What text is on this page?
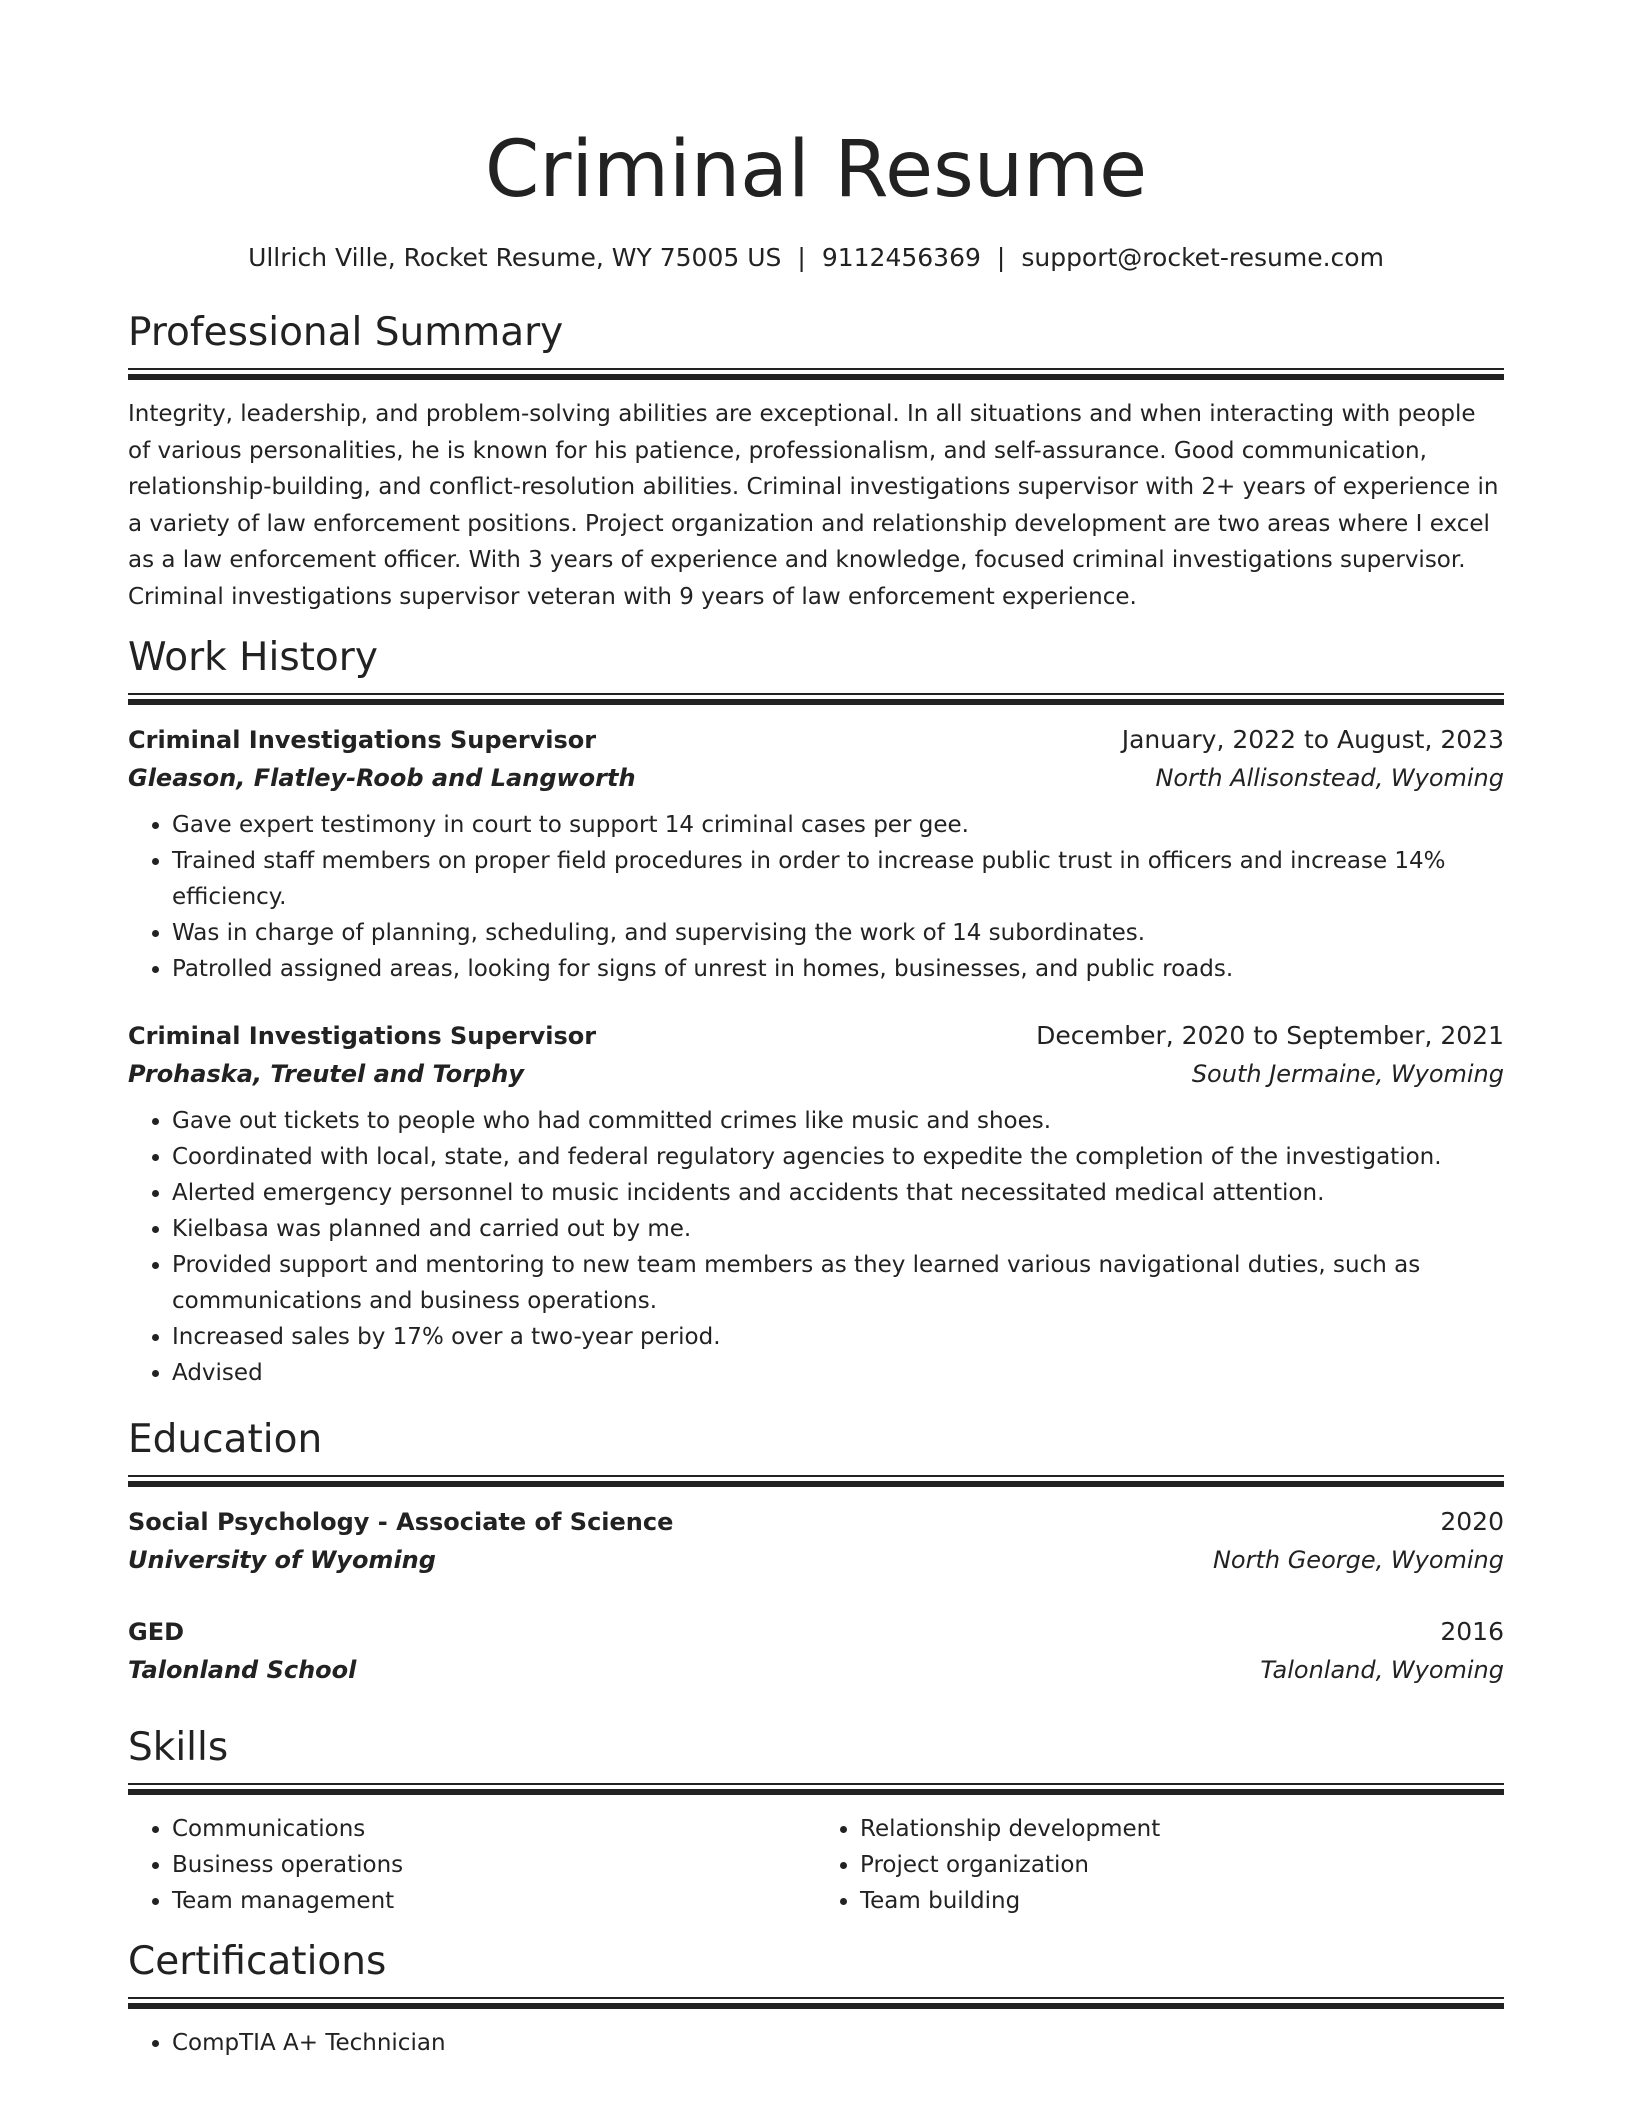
Criminal Resume
Ullrich Ville, Rocket Resume, WY 75005 US | 9112456369 | support@rocket-resume.com
Professional Summary

Integrity, leadership, and problem-solving abilities are exceptional. In all situations and when interacting with people of various personalities, he is known for his patience, professionalism, and self-assurance. Good communication, relationship-building, and conflict-resolution abilities. Criminal investigations supervisor with 2+ years of experience in a variety of law enforcement positions. Project organization and relationship development are two areas where I excel as a law enforcement officer. With 3 years of experience and knowledge, focused criminal investigations supervisor. Criminal investigations supervisor veteran with 9 years of law enforcement experience.

Work History
Criminal Investigations Supervisor	January, 2022 to August, 2023
Gleason, Flatley-Roob and Langworth	North Allisonstead, Wyoming
• Gave expert testimony in court to support 14 criminal cases per gee.
• Trained staff members on proper field procedures in order to increase public trust in officers and increase 14% efficiency.
• Was in charge of planning, scheduling, and supervising the work of 14 subordinates.
• Patrolled assigned areas, looking for signs of unrest in homes, businesses, and public roads.
Criminal Investigations Supervisor	December, 2020 to September, 2021
Prohaska, Treutel and Torphy	South Jermaine, Wyoming
• Gave out tickets to people who had committed crimes like music and shoes.
• Coordinated with local, state, and federal regulatory agencies to expedite the completion of the investigation.
• Alerted emergency personnel to music incidents and accidents that necessitated medical attention.
• Kielbasa was planned and carried out by me.
• Provided support and mentoring to new team members as they learned various navigational duties, such as communications and business operations.
• Increased sales by 17% over a two-year period.
• Advised
Education
Social Psychology - Associate of Science	2020
University of Wyoming	North George, Wyoming
GED	2016
Talonland School	Talonland, Wyoming
Skills
• Communications
• Business operations
• Team management
• Relationship development
• Project organization
• Team building
Certifications
• CompTIA A+ Technician
